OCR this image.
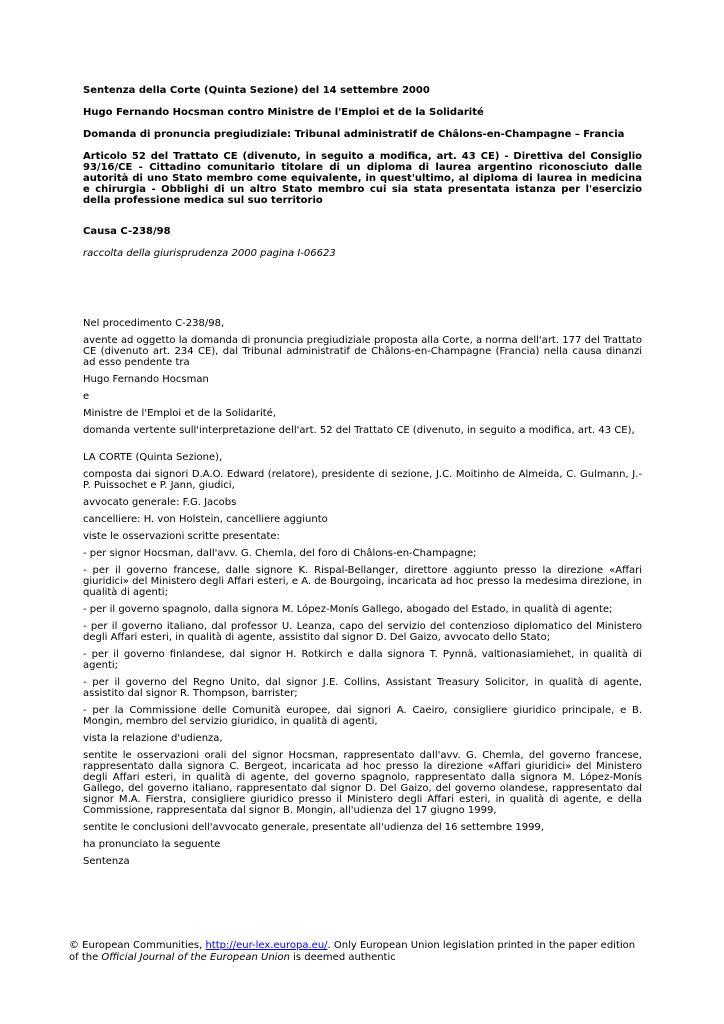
Sentenza della Corte (Quinta Sezione) del 14 settembre 2000

Hugo Fernando Hocsman contro Ministre de l'Emploi et de la Solidarité

Domanda di pronuncia pregiudiziale: Tribunal administratif de Châlons-en-Champagne – Francia

Articolo 52 del Trattato CE (divenuto, in seguito a modifica, art. 43 CE) - Direttiva del Consiglio 93/16/CE - Cittadino comunitario titolare di un diploma di laurea argentino riconosciuto dalle autorità di uno Stato membro come equivalente, in quest'ultimo, al diploma di laurea in medicina e chirurgia - Obblighi di un altro Stato membro cui sia stata presentata istanza per l'esercizio della professione medica sul suo territorio

Causa C-238/98

raccolta della giurisprudenza 2000 pagina I-06623

Nel procedimento C-238/98,

avente ad oggetto la domanda di pronuncia pregiudiziale proposta alla Corte, a norma dell'art. 177 del Trattato CE (divenuto art. 234 CE), dal Tribunal administratif de Châlons-en-Champagne (Francia) nella causa dinanzi ad esso pendente tra

Hugo Fernando Hocsman

e

Ministre de l'Emploi et de la Solidarité,

domanda vertente sull'interpretazione dell'art. 52 del Trattato CE (divenuto, in seguito a modifica, art. 43 CE),

LA CORTE (Quinta Sezione),

composta dai signori D.A.O. Edward (relatore), presidente di sezione, J.C. Moitinho de Almeida, C. Gulmann, J.-P. Puissochet e P. Jann, giudici,

avvocato generale: F.G. Jacobs

cancelliere: H. von Holstein, cancelliere aggiunto

viste le osservazioni scritte presentate:

- per signor Hocsman, dall'avv. G. Chemla, del foro di Châlons-en-Champagne;

- per il governo francese, dalle signore K. Rispal-Bellanger, direttore aggiunto presso la direzione «Affari giuridici» del Ministero degli Affari esteri, e A. de Bourgoing, incaricata ad hoc presso la medesima direzione, in qualità di agenti;

- per il governo spagnolo, dalla signora M. López-Monís Gallego, abogado del Estado, in qualità di agente;

- per il governo italiano, dal professor U. Leanza, capo del servizio del contenzioso diplomatico del Ministero degli Affari esteri, in qualità di agente, assistito dal signor D. Del Gaizo, avvocato dello Stato;

- per il governo finlandese, dal signor H. Rotkirch e dalla signora T. Pynnä, valtionasiamiehet, in qualità di agenti;

- per il governo del Regno Unito, dal signor J.E. Collins, Assistant Treasury Solicitor, in qualità di agente, assistito dal signor R. Thompson, barrister;

- per la Commissione delle Comunità europee, dai signori A. Caeiro, consigliere giuridico principale, e B. Mongin, membro del servizio giuridico, in qualità di agenti,

vista la relazione d'udienza,

sentite le osservazioni orali del signor Hocsman, rappresentato dall'avv. G. Chemla, del governo francese, rappresentato dalla signora C. Bergeot, incaricata ad hoc presso la direzione «Affari giuridici» del Ministero degli Affari esteri, in qualità di agente, del governo spagnolo, rappresentato dalla signora M. López-Monís Gallego, del governo italiano, rappresentato dal signor D. Del Gaizo, del governo olandese, rappresentato dal signor M.A. Fierstra, consigliere giuridico presso il Ministero degli Affari esteri, in qualità di agente, e della Commissione, rappresentata dal signor B. Mongin, all'udienza del 17 giugno 1999,

sentite le conclusioni dell'avvocato generale, presentate all'udienza del 16 settembre 1999,

ha pronunciato la seguente

Sentenza

© European Communities, http://eur-lex.europa.eu/. Only European Union legislation printed in the paper edition of the Official Journal of the European Union is deemed authentic
